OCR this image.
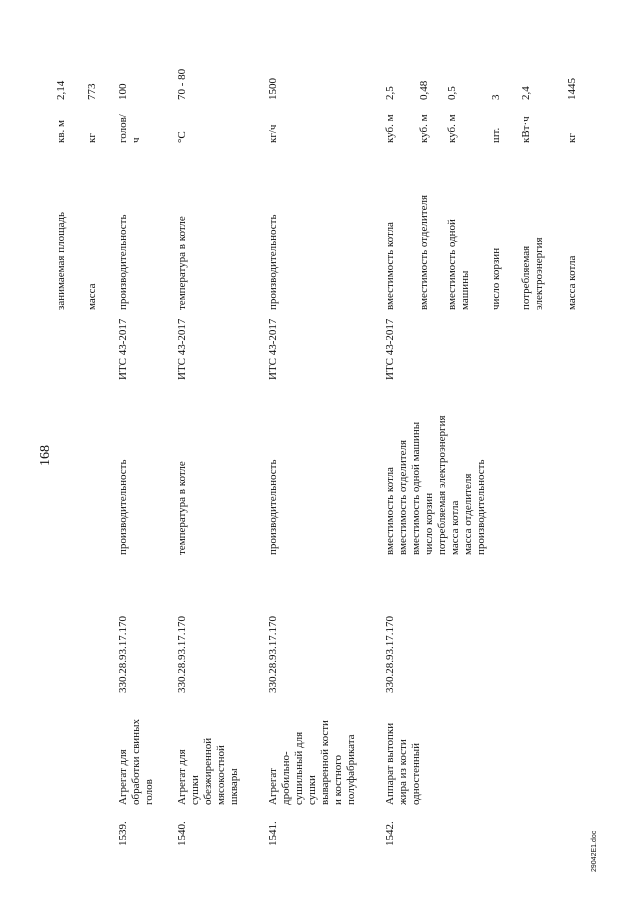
168
29042E1.doc
1539.
Агрегат для обработки свиных голов
330.28.93.17.170
производительность
занимаемая площадь
кв. м
2,14
масса
кг
773
ИТС 43-2017
производительность
голов/ ч
100
1540.
Агрегат для сушки обезжиренной мясокостной шквары
330.28.93.17.170
температура в котле
ИТС 43-2017
температура в котле
°С
70 - 80
1541.
Агрегат дробильно- сушильный для сушки вываренной кости и костного полуфабриката
330.28.93.17.170
производительность
ИТС 43-2017
производительность
кг/ч
1500
1542.
Аппарат вытопки жира из кости одностенный
330.28.93.17.170
вместимость котла вместимость отделителя вместимость одной машины число корзин потребляемая электроэнергия масса котла масса отделителя производительность
ИТС 43-2017
вместимость котла
куб. м
2,5
вместимость отделителя
куб. м
0,48
вместимость одной машины
куб. м
0,5
число корзин
шт.
3
потребляемая электроэнергия
кВт·ч
2,4
масса котла
кг
1445
